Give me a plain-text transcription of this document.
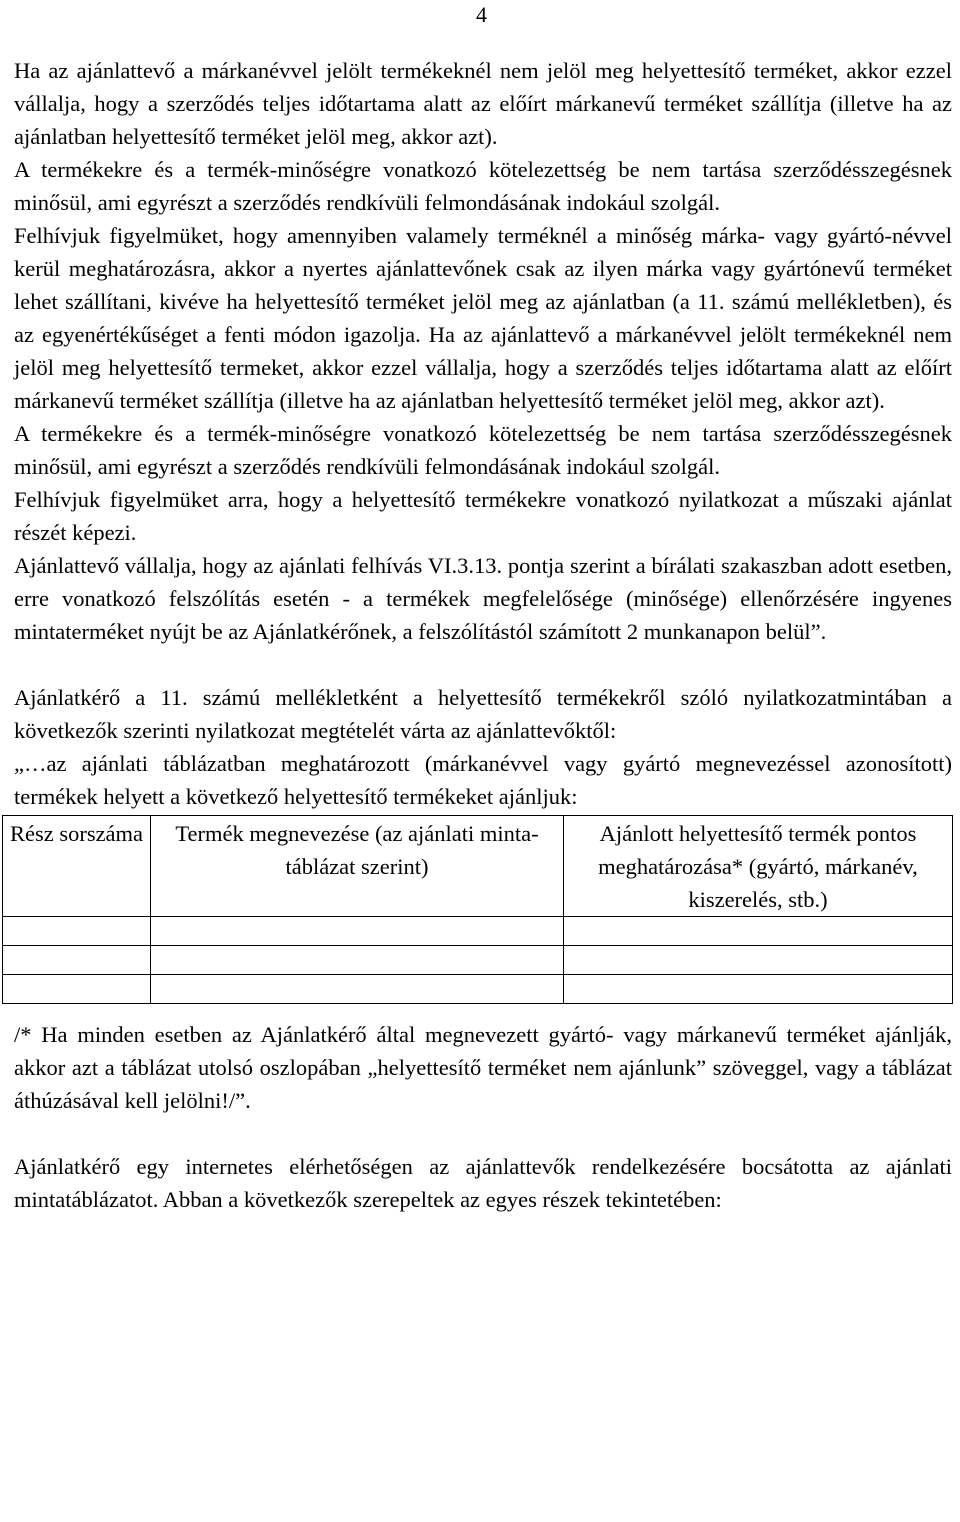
4

Ha az ajánlattevő a márkanévvel jelölt termékeknél nem jelöl meg helyettesítő terméket, akkor ezzel vállalja, hogy a szerződés teljes időtartama alatt az előírt márkanevű terméket szállítja (illetve ha az ajánlatban helyettesítő terméket jelöl meg, akkor azt).

A termékekre és a termék-minőségre vonatkozó kötelezettség be nem tartása szerződésszegésnek minősül, ami egyrészt a szerződés rendkívüli felmondásának indokául szolgál.

Felhívjuk figyelmüket, hogy amennyiben valamely terméknél a minőség márka- vagy gyártó-névvel kerül meghatározásra, akkor a nyertes ajánlattevőnek csak az ilyen márka vagy gyártónevű terméket lehet szállítani, kivéve ha helyettesítő terméket jelöl meg az ajánlatban (a 11. számú mellékletben), és az egyenértékűséget a fenti módon igazolja. Ha az ajánlattevő a márkanévvel jelölt termékeknél nem jelöl meg helyettesítő termeket, akkor ezzel vállalja, hogy a szerződés teljes időtartama alatt az előírt márkanevű terméket szállítja (illetve ha az ajánlatban helyettesítő terméket jelöl meg, akkor azt).

A termékekre és a termék-minőségre vonatkozó kötelezettség be nem tartása szerződésszegésnek minősül, ami egyrészt a szerződés rendkívüli felmondásának indokául szolgál.

Felhívjuk figyelmüket arra, hogy a helyettesítő termékekre vonatkozó nyilatkozat a műszaki ajánlat részét képezi.

Ajánlattevő vállalja, hogy az ajánlati felhívás VI.3.13. pontja szerint a bírálati szakaszban adott esetben, erre vonatkozó felszólítás esetén - a termékek megfelelősége (minősége) ellenőrzésére ingyenes mintaterméket nyújt be az Ajánlatkérőnek, a felszólítástól számított 2 munkanapon belül”.

Ajánlatkérő a 11. számú mellékletként a helyettesítő termékekről szóló nyilatkozatmintában a következők szerinti nyilatkozat megtételét várta az ajánlattevőktől:

„…az ajánlati táblázatban meghatározott (márkanévvel vagy gyártó megnevezéssel azonosított) termékek helyett a következő helyettesítő termékeket ajánljuk:

Rész sorszáma	Termék megnevezése (az ajánlati minta-táblázat szerint)	Ajánlott helyettesítő termék pontos meghatározása* (gyártó, márkanév, kiszerelés, stb.)

/* Ha minden esetben az Ajánlatkérő által megnevezett gyártó- vagy márkanevű terméket ajánlják, akkor azt a táblázat utolsó oszlopában „helyettesítő terméket nem ajánlunk” szöveggel, vagy a táblázat áthúzásával kell jelölni!/”.

Ajánlatkérő egy internetes elérhetőségen az ajánlattevők rendelkezésére bocsátotta az ajánlati mintatáblázatot. Abban a következők szerepeltek az egyes részek tekintetében:
